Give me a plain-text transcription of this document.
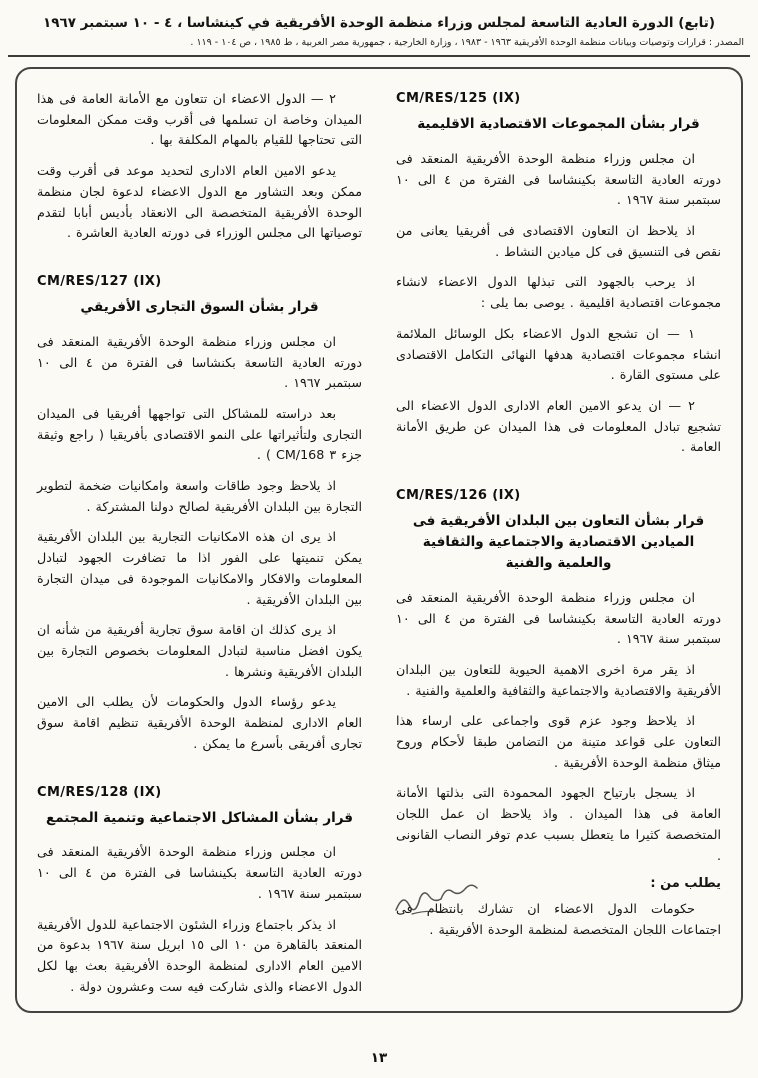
(تابع) الدورة العادية التاسعة لمجلس وزراء منظمة الوحدة الأفريقية في كينشاسا ، ٤ - ١٠ سبتمبر ١٩٦٧
المصدر : قرارات وتوصيات وبيانات منظمة الوحدة الأفريقية ١٩٦٣ - ١٩٨٣ ، وزارة الخارجية ، جمهورية مصر العربية ، ط ١٩٨٥ ، ص ١٠٤ - ١١٩ .
CM/RES/125 (IX)
قرار بشأن المجموعات الاقتصادية الاقليمية

ان مجلس وزراء منظمة الوحدة الأفريقية المنعقد فى دورته العادية التاسعة بكينشاسا فى الفترة من ٤ الى ١٠ سبتمبر سنة ١٩٦٧ .

اذ يلاحظ ان التعاون الاقتصادى فى أفريقيا يعانى من نقص فى التنسيق فى كل ميادين النشاط .

اذ يرحب بالجهود التى تبذلها الدول الاعضاء لانشاء مجموعات اقتصادية اقليمية . يوصى بما يلى :

١ — ان تشجع الدول الاعضاء بكل الوسائل الملائمة انشاء مجموعات اقتصادية هدفها النهائى التكامل الاقتصادى على مستوى القارة .

٢ — ان يدعو الامين العام الادارى الدول الاعضاء الى تشجيع تبادل المعلومات فى هذا الميدان عن طريق الأمانة العامة .

CM/RES/126 (IX)
قرار بشأن التعاون بين البلدان الأفريقية فى الميادين الاقتصادية والاجتماعية والثقافية والعلمية والفنية

ان مجلس وزراء منظمة الوحدة الأفريقية المنعقد فى دورته العادية التاسعة بكينشاسا فى الفترة من ٤ الى ١٠ سبتمبر سنة ١٩٦٧ .

اذ يقر مرة اخرى الاهمية الحيوية للتعاون بين البلدان الأفريقية والاقتصادية والاجتماعية والثقافية والعلمية والفنية .

اذ يلاحظ وجود عزم قوى واجماعى على ارساء هذا التعاون على قواعد متينة من التضامن طبقا لأحكام وروح ميثاق منظمة الوحدة الأفريقية .

اذ يسجل بارتياح الجهود المحمودة التى بذلتها الأمانة العامة فى هذا الميدان . واذ يلاحظ ان عمل اللجان المتخصصة كثيرا ما يتعطل بسبب عدم توفر النصاب القانونى .

يطلب من :

حكومات الدول الاعضاء ان تشارك بانتظام فى اجتماعات اللجان المتخصصة لمنظمة الوحدة الأفريقية .

٢ — الدول الاعضاء ان تتعاون مع الأمانة العامة فى هذا الميدان وخاصة ان تسلمها فى أقرب وقت ممكن المعلومات التى تحتاجها للقيام بالمهام المكلفة بها .

يدعو الامين العام الادارى لتحديد موعد فى أقرب وقت ممكن وبعد التشاور مع الدول الاعضاء لدعوة لجان منظمة الوحدة الأفريقية المتخصصة الى الانعقاد بأديس أبابا لتقدم توصياتها الى مجلس الوزراء فى دورته العادية العاشرة .

CM/RES/127 (IX)
قرار بشأن السوق التجارى الأفريقي

ان مجلس وزراء منظمة الوحدة الأفريقية المنعقد فى دورته العادية التاسعة بكنشاسا فى الفترة من ٤ الى ١٠ سبتمبر ١٩٦٧ .

بعد دراسته للمشاكل التى تواجهها أفريقيا فى الميدان التجارى ولتأثيراتها على النمو الاقتصادى بأفريقيا ( راجع وثيقة جزء ٣ CM/168 ) .

اذ يلاحظ وجود طاقات واسعة وامكانيات ضخمة لتطوير التجارة بين البلدان الأفريقية لصالح دولنا المشتركة .

اذ يرى ان هذه الامكانيات التجارية بين البلدان الأفريقية يمكن تنميتها على الفور اذا ما تضافرت الجهود لتبادل المعلومات والافكار والامكانيات الموجودة فى ميدان التجارة بين البلدان الأفريقية .

اذ يرى كذلك ان اقامة سوق تجارية أفريقية من شأنه ان يكون افضل مناسبة لتبادل المعلومات بخصوص التجارة بين البلدان الأفريقية ونشرها .

يدعو رؤساء الدول والحكومات لأن يطلب الى الامين العام الادارى لمنظمة الوحدة الأفريقية تنظيم اقامة سوق تجارى أفريقى بأسرع ما يمكن .

CM/RES/128 (IX)
قرار بشأن المشاكل الاجتماعية وتنمية المجتمع

ان مجلس وزراء منظمة الوحدة الأفريقية المنعقد فى دورته العادية التاسعة بكينشاسا فى الفترة من ٤ الى ١٠ سبتمبر سنة ١٩٦٧ .

اذ يذكر باجتماع وزراء الشئون الاجتماعية للدول الأفريقية المنعقد بالقاهرة من ١٠ الى ١٥ ابريل سنة ١٩٦٧ بدعوة من الامين العام الادارى لمنظمة الوحدة الأفريقية بعث بها لكل الدول الاعضاء والذى شاركت فيه ست وعشرون دولة .

١٣
